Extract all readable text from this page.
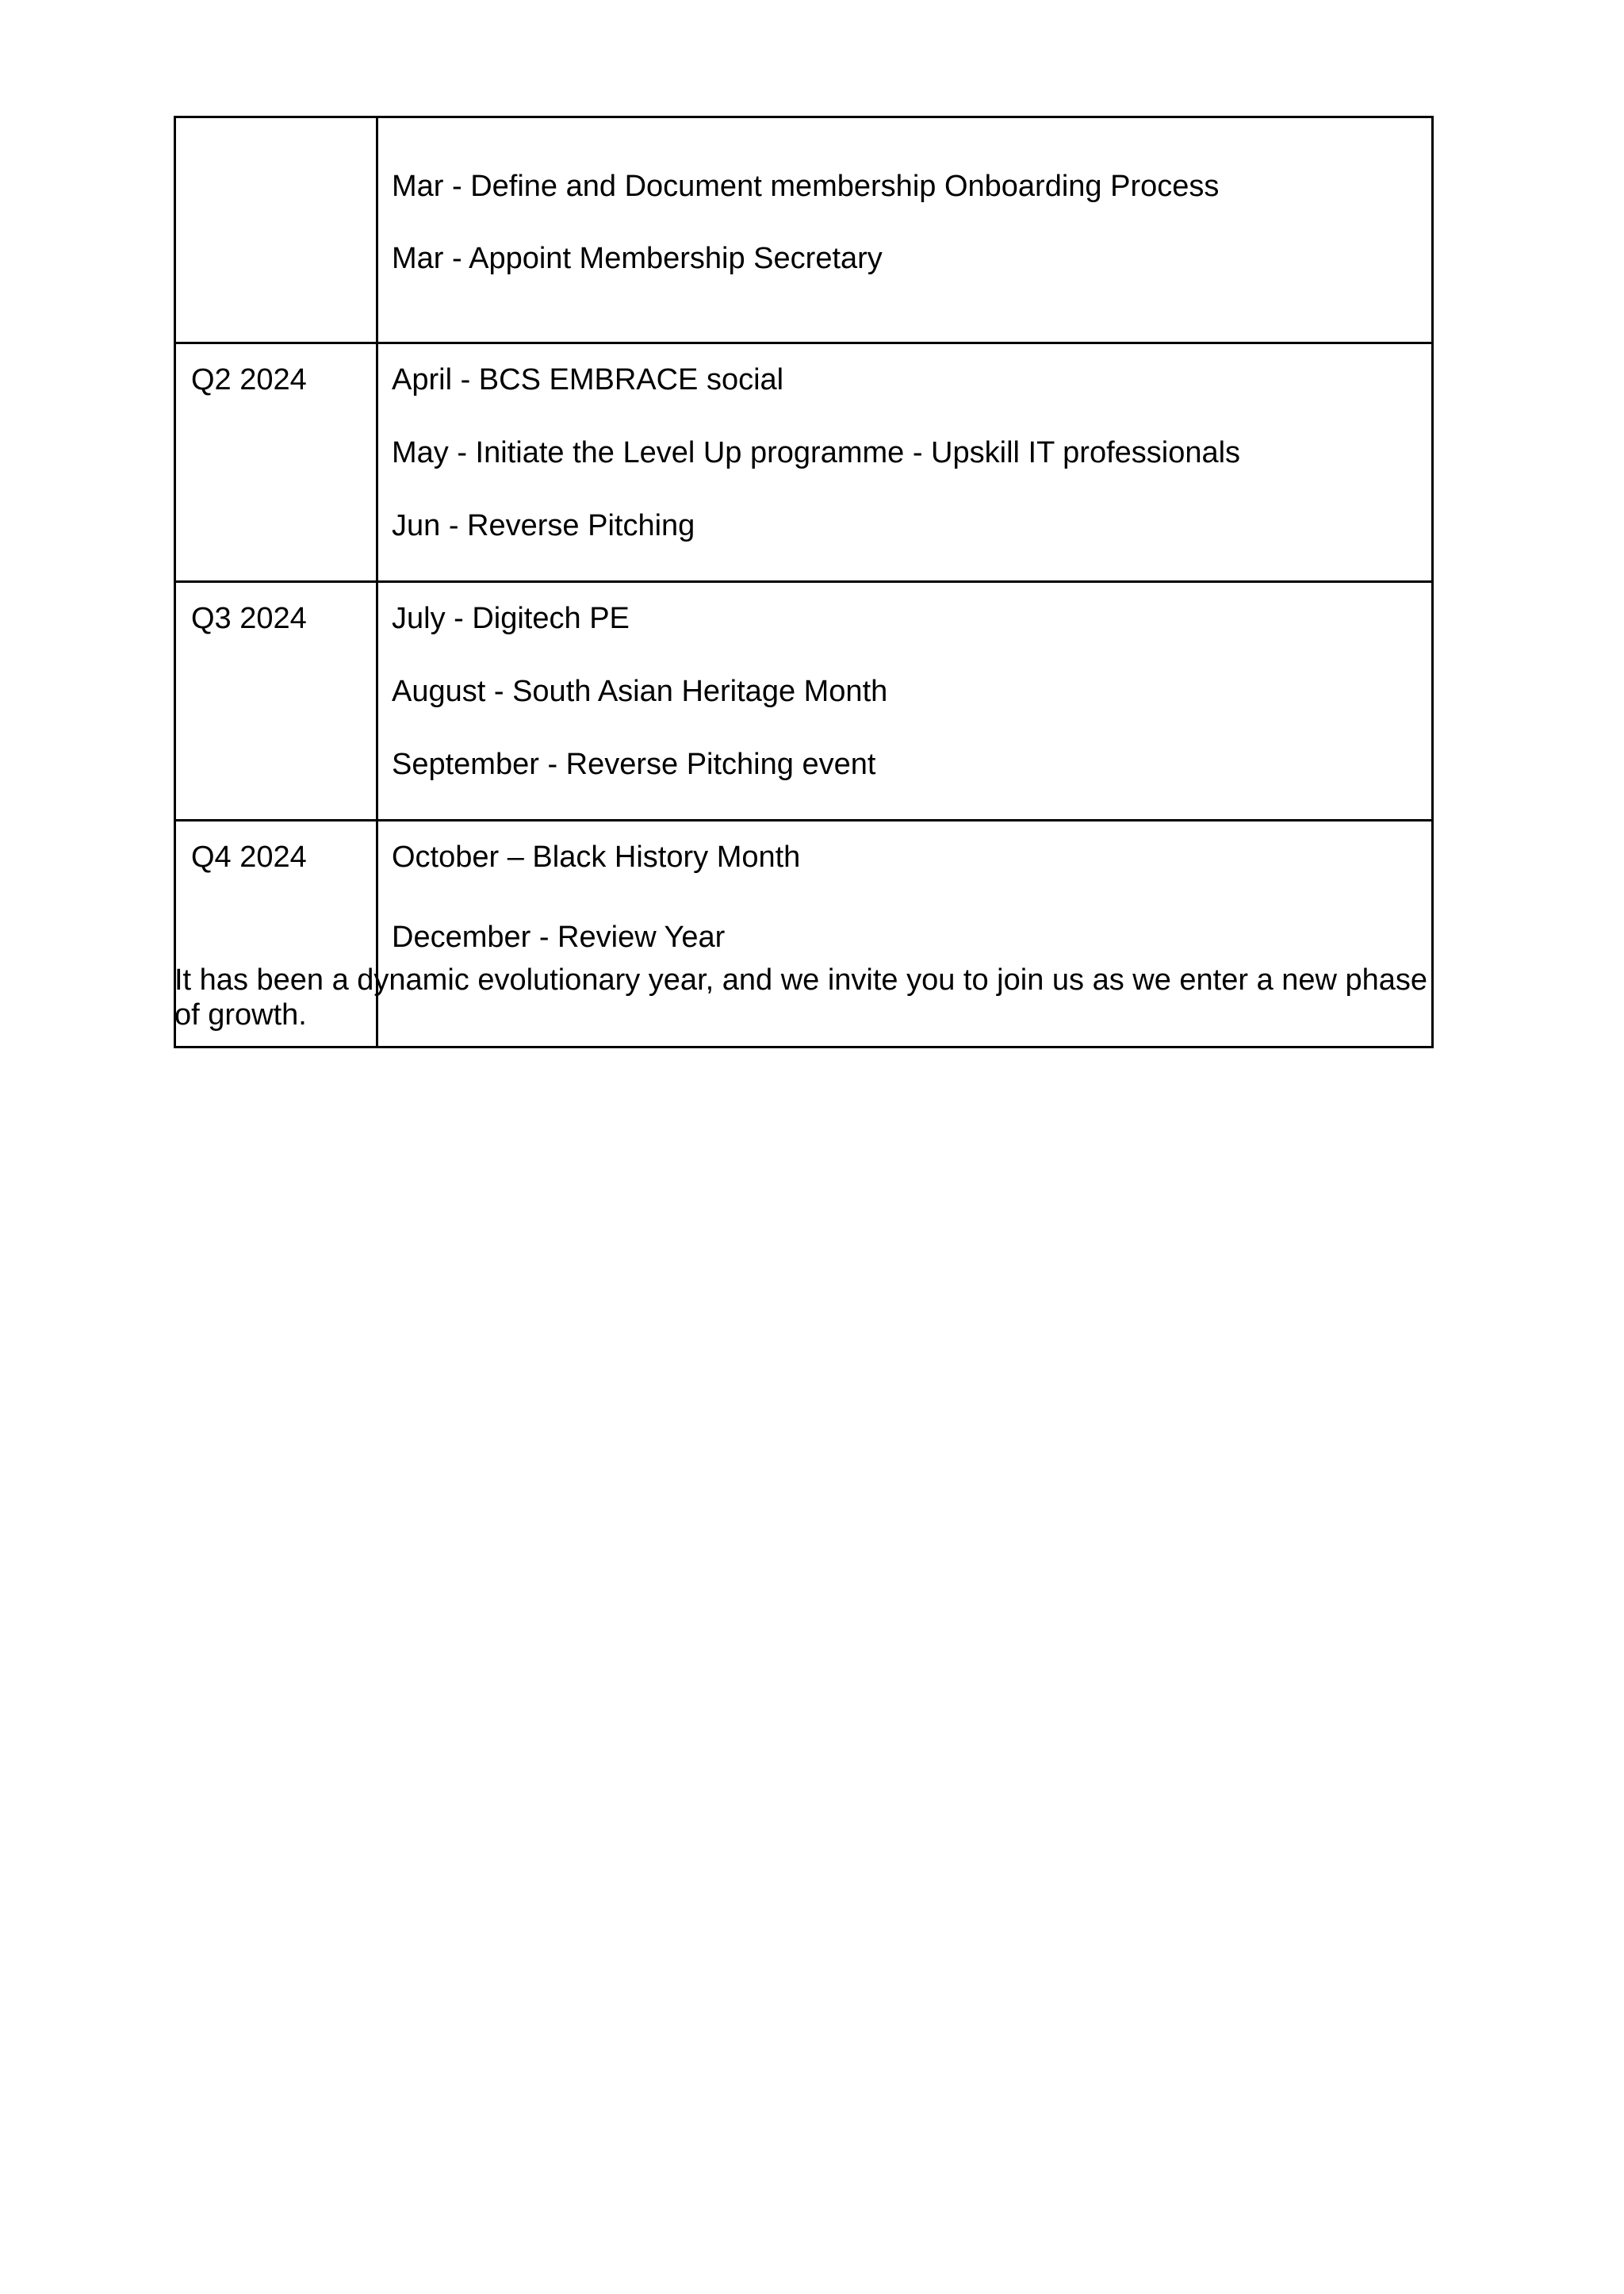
	Mar - Define and Document membership Onboarding Process
Mar - Appoint Membership Secretary

Q2 2024	April - BCS EMBRACE social
May - Initiate the Level Up programme - Upskill IT professionals
Jun - Reverse Pitching

Q3 2024	July - Digitech PE
August - South Asian Heritage Month
September - Reverse Pitching event

Q4 2024	October – Black History Month
December - Review Year

It has been a dynamic evolutionary year, and we invite you to join us as we enter a new phase of growth.
